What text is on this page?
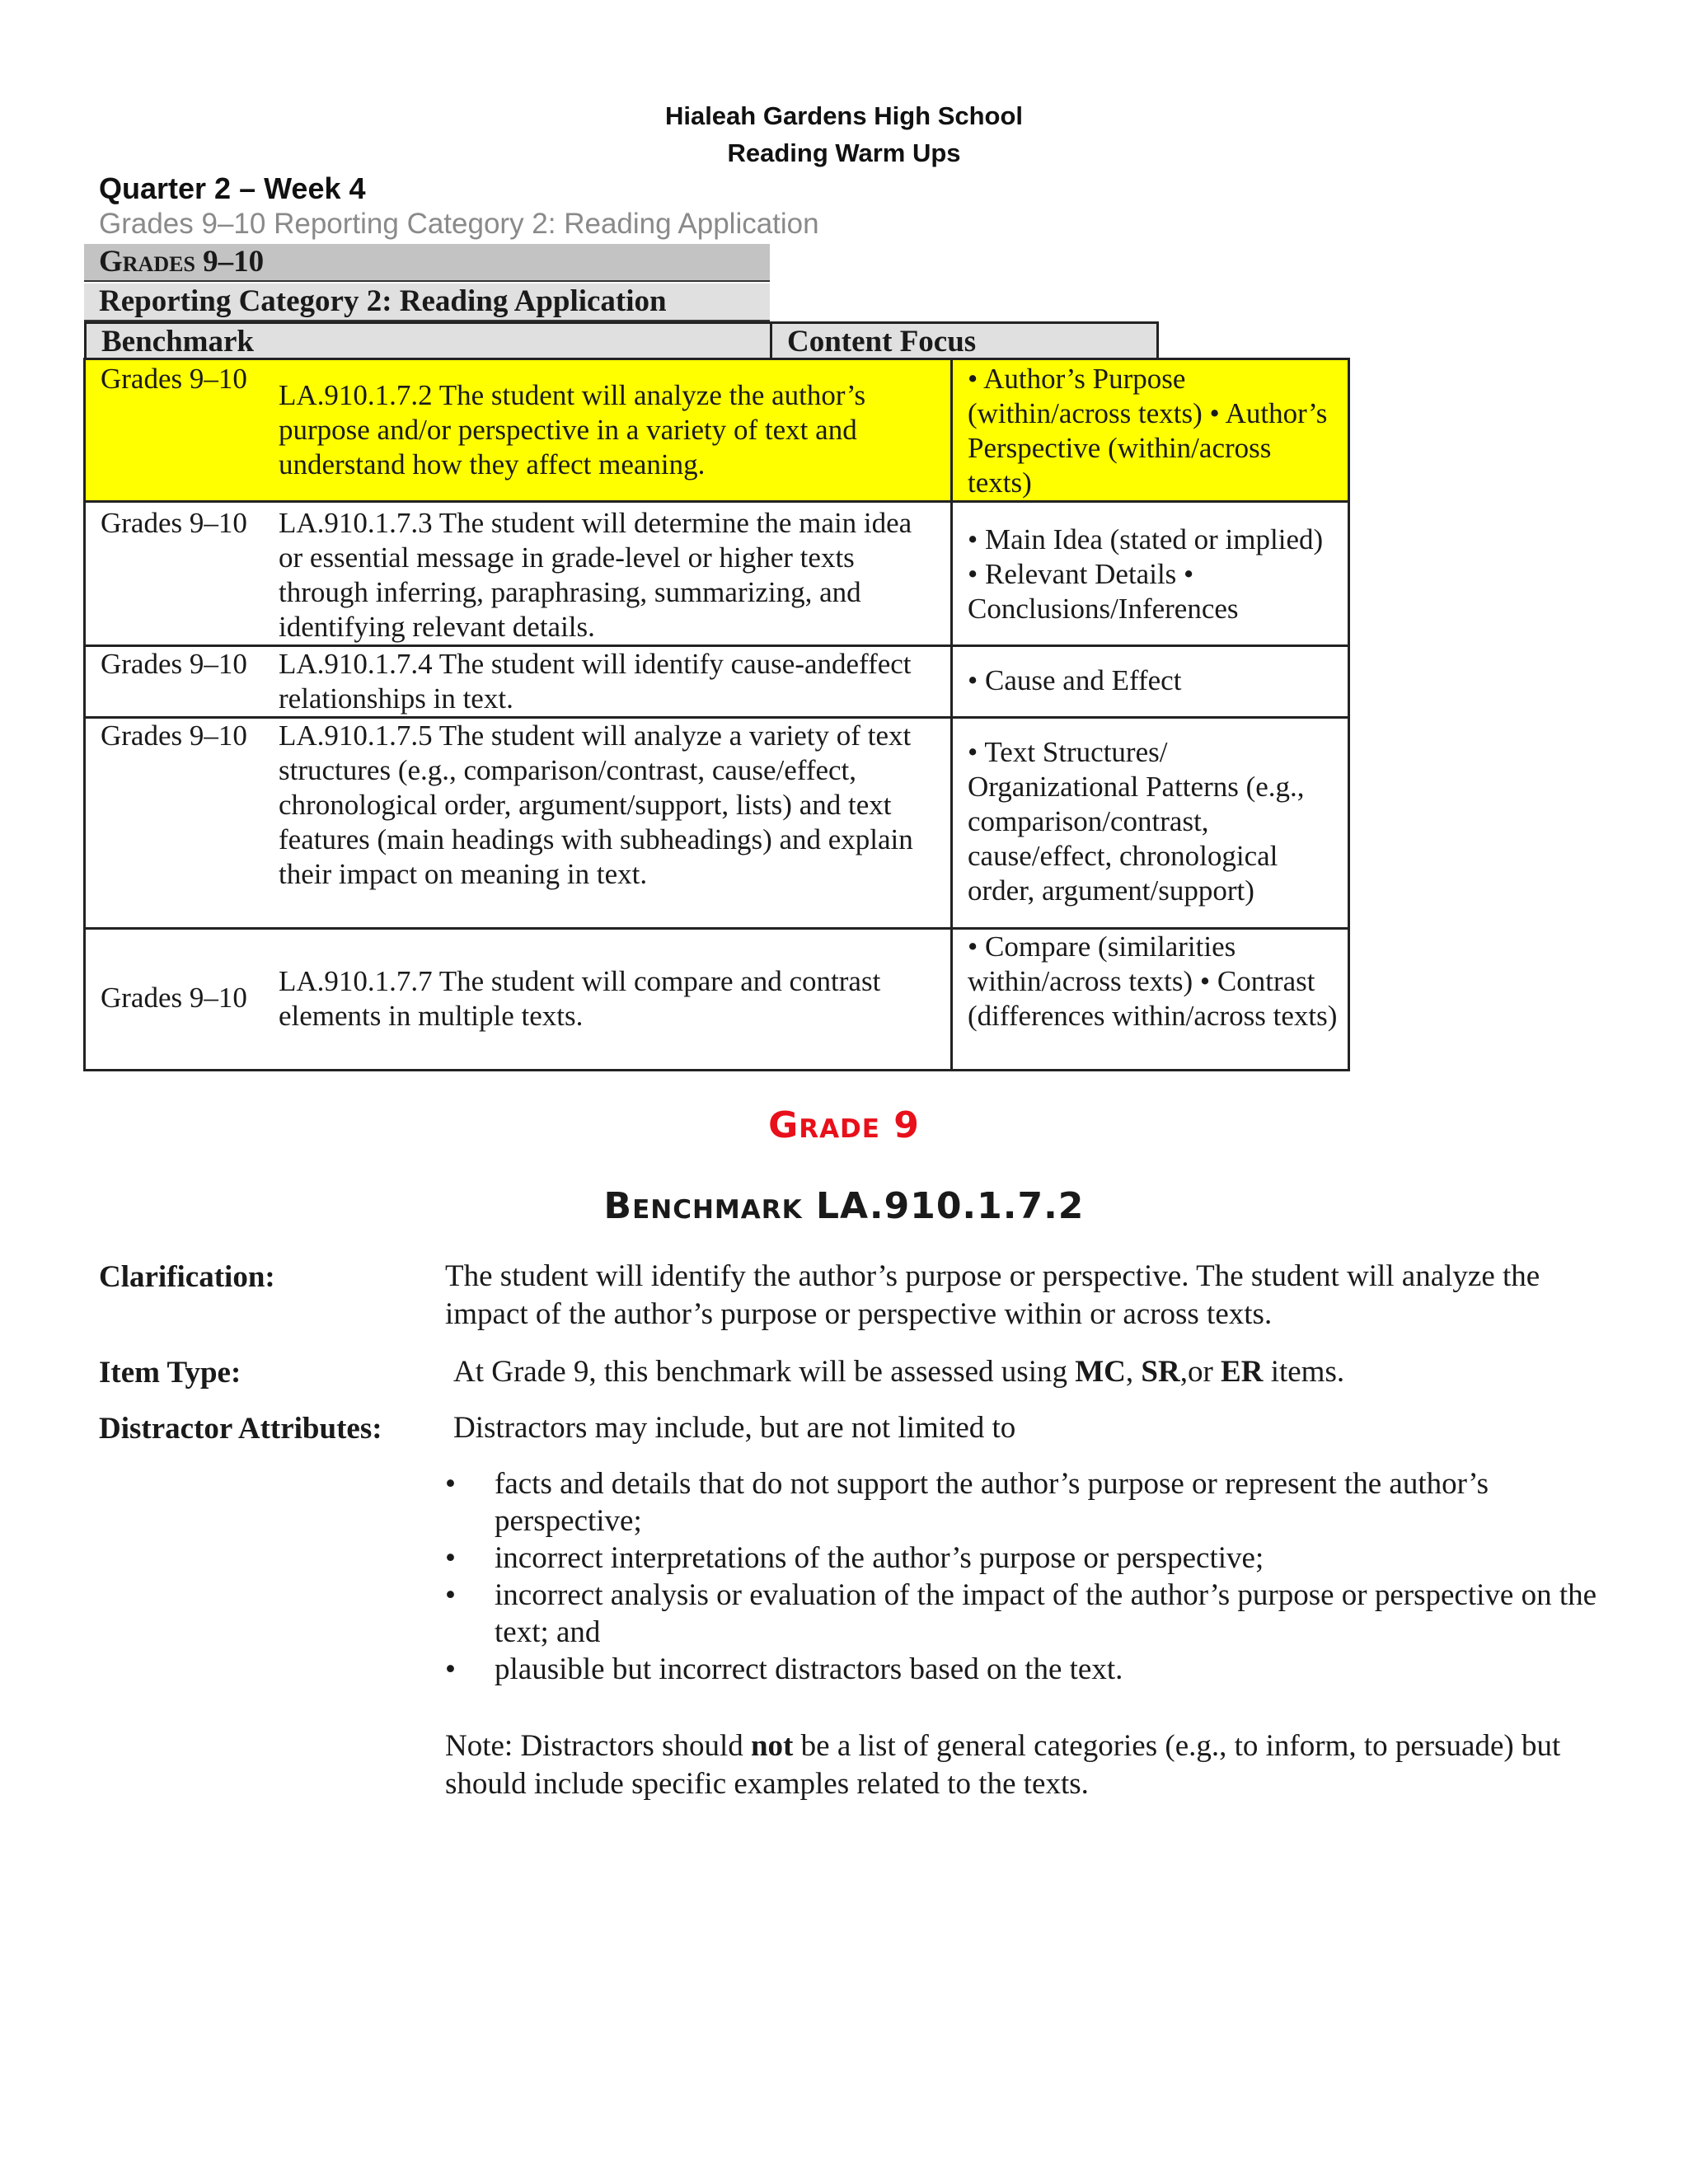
Hialeah Gardens High School
Reading Warm Ups
Quarter 2 – Week 4
Grades 9–10 Reporting Category 2: Reading Application
Grades 9–10
Reporting Category 2: Reading Application
Benchmark	Content Focus
Grades 9–10
LA.910.1.7.2 The student will analyze the author’s purpose and/or perspective in a variety of text and understand how they affect meaning.	• Author’s Purpose (within/across texts) • Author’s Perspective (within/across texts)

Grades 9–10 LA.910.1.7.3 The student will determine the main idea or essential message in grade-level or higher texts through inferring, paraphrasing, summarizing, and identifying relevant details.	• Main Idea (stated or implied) • Relevant Details • Conclusions/Inferences

Grades 9–10 LA.910.1.7.4 The student will identify cause-andeffect relationships in text.	• Cause and Effect

Grades 9–10 LA.910.1.7.5 The student will analyze a variety of text structures (e.g., comparison/contrast, cause/effect, chronological order, argument/support, lists) and text features (main headings with subheadings) and explain their impact on meaning in text.	• Text Structures/ Organizational Patterns (e.g., comparison/contrast, cause/effect, chronological order, argument/support)

Grades 9–10
LA.910.1.7.7 The student will compare and contrast elements in multiple texts.	• Compare (similarities within/across texts) • Contrast (differences within/across texts)
Grade 9
Benchmark LA.910.1.7.2
Clarification:	The student will identify the author’s purpose or perspective. The student will analyze the impact of the author’s purpose or perspective within or across texts.
Item Type:	At Grade 9, this benchmark will be assessed using MC, SR,or ER items.
Distractor Attributes: Distractors may include, but are not limited to
• facts and details that do not support the author’s purpose or represent the author’s perspective;
• incorrect interpretations of the author’s purpose or perspective;
• incorrect analysis or evaluation of the impact of the author’s purpose or perspective on the text; and
• plausible but incorrect distractors based on the text.
Note: Distractors should not be a list of general categories (e.g., to inform, to persuade) but should include specific examples related to the texts.
